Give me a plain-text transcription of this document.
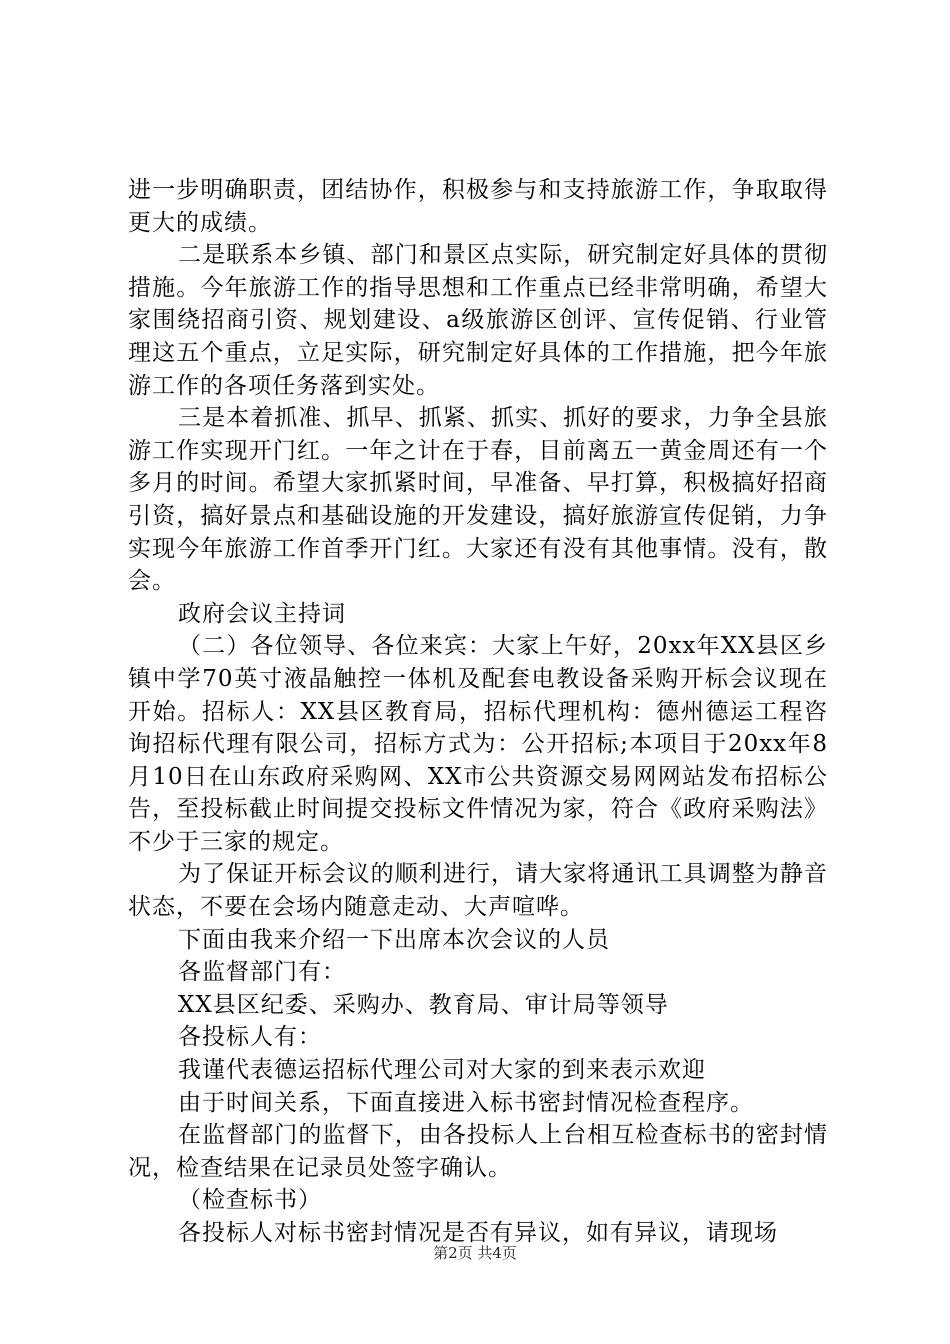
进一步明确职责，团结协作，积极参与和支持旅游工作，争取取得更大的成绩。

二是联系本乡镇、部门和景区点实际，研究制定好具体的贯彻措施。今年旅游工作的指导思想和工作重点已经非常明确，希望大家围绕招商引资、规划建设、a级旅游区创评、宣传促销、行业管理这五个重点，立足实际，研究制定好具体的工作措施，把今年旅游工作的各项任务落到实处。

三是本着抓准、抓早、抓紧、抓实、抓好的要求，力争全县旅游工作实现开门红。一年之计在于春，目前离五一黄金周还有一个多月的时间。希望大家抓紧时间，早准备、早打算，积极搞好招商引资，搞好景点和基础设施的开发建设，搞好旅游宣传促销，力争实现今年旅游工作首季开门红。大家还有没有其他事情。没有，散会。

政府会议主持词

（二）各位领导、各位来宾：大家上午好，20xx年XX县区乡镇中学70英寸液晶触控一体机及配套电教设备采购开标会议现在开始。招标人：XX县区教育局，招标代理机构：德州德运工程咨询招标代理有限公司，招标方式为：公开招标;本项目于20xx年8月10日在山东政府采购网、XX市公共资源交易网网站发布招标公告，至投标截止时间提交投标文件情况为家，符合《政府采购法》不少于三家的规定。

为了保证开标会议的顺利进行，请大家将通讯工具调整为静音状态，不要在会场内随意走动、大声喧哗。

下面由我来介绍一下出席本次会议的人员

各监督部门有：

XX县区纪委、采购办、教育局、审计局等领导

各投标人有：

我谨代表德运招标代理公司对大家的到来表示欢迎

由于时间关系，下面直接进入标书密封情况检查程序。

在监督部门的监督下，由各投标人上台相互检查标书的密封情况，检查结果在记录员处签字确认。

（检查标书）

各投标人对标书密封情况是否有异议，如有异议，请现场

第2页 共4页
